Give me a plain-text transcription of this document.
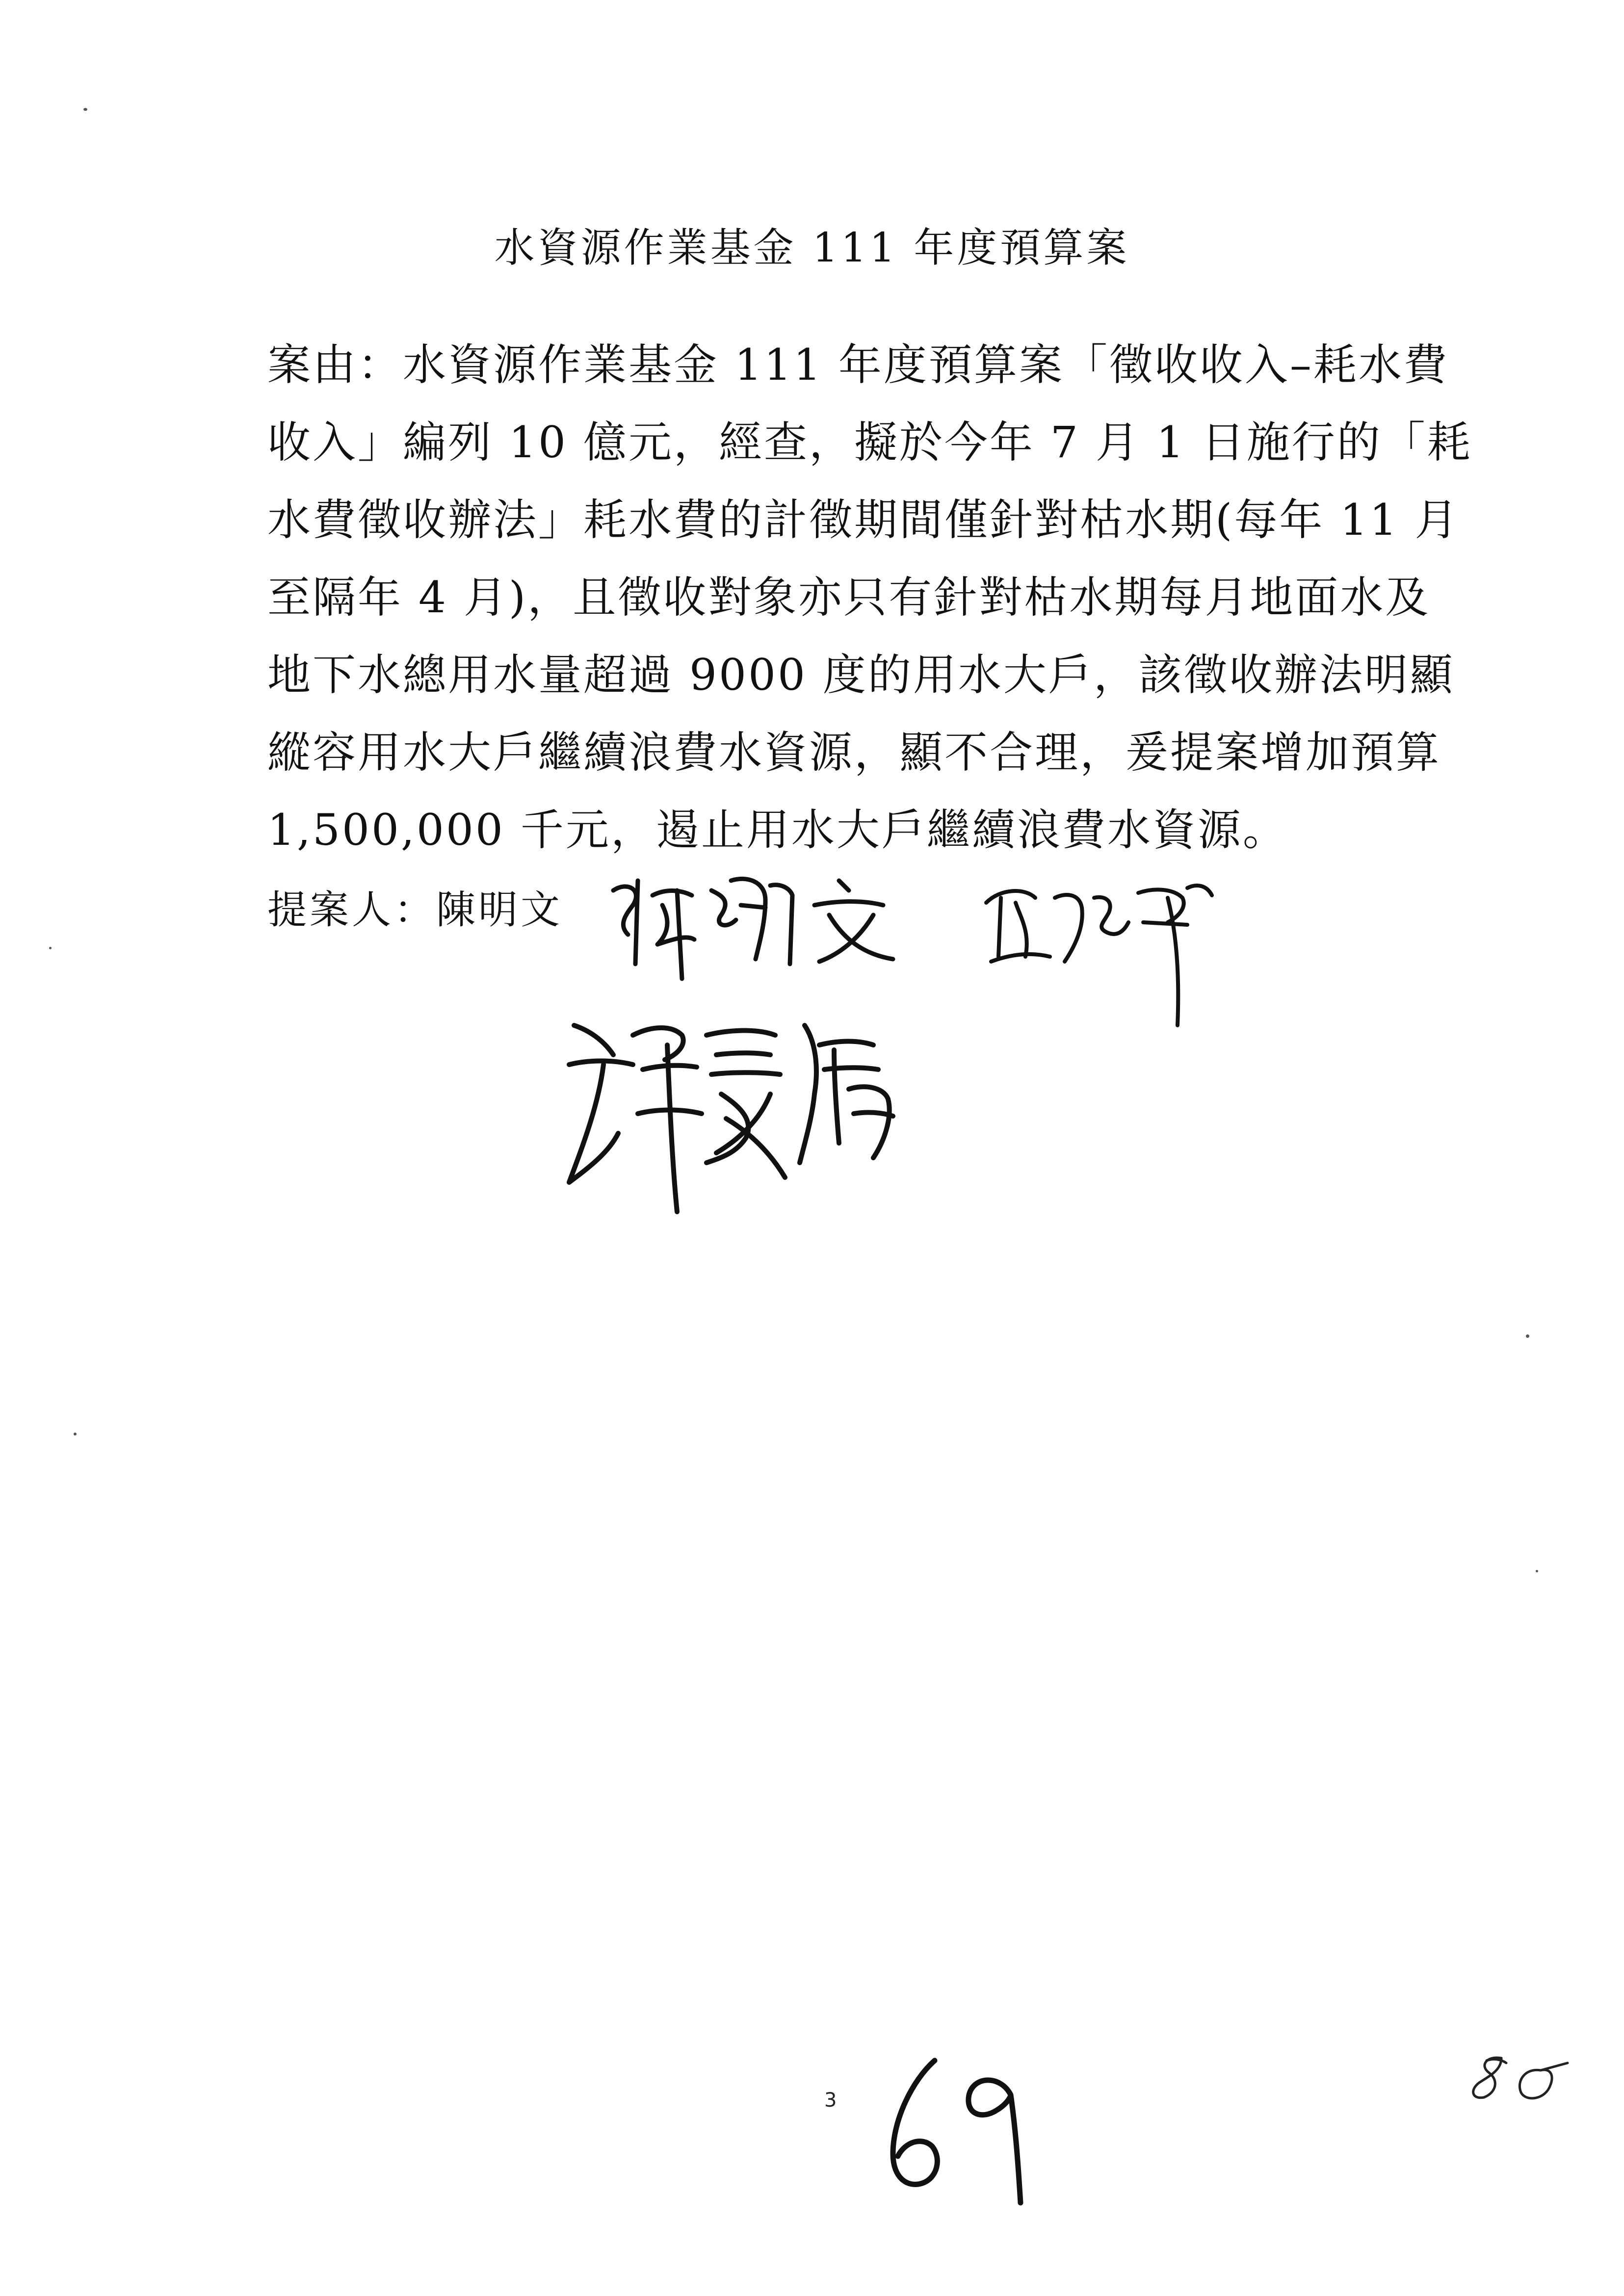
水資源作業基金 111 年度預算案
案由：水資源作業基金 111 年度預算案「徵收收入–耗水費
收入」編列 10 億元，經查，擬於今年 7 月 1 日施行的「耗
水費徵收辦法」耗水費的計徵期間僅針對枯水期(每年 11 月
至隔年 4 月)，且徵收對象亦只有針對枯水期每月地面水及
地下水總用水量超過 9000 度的用水大戶，該徵收辦法明顯
縱容用水大戶繼續浪費水資源，顯不合理，爰提案增加預算
1,500,000 千元，遏止用水大戶繼續浪費水資源。
提案人：陳明文
3
